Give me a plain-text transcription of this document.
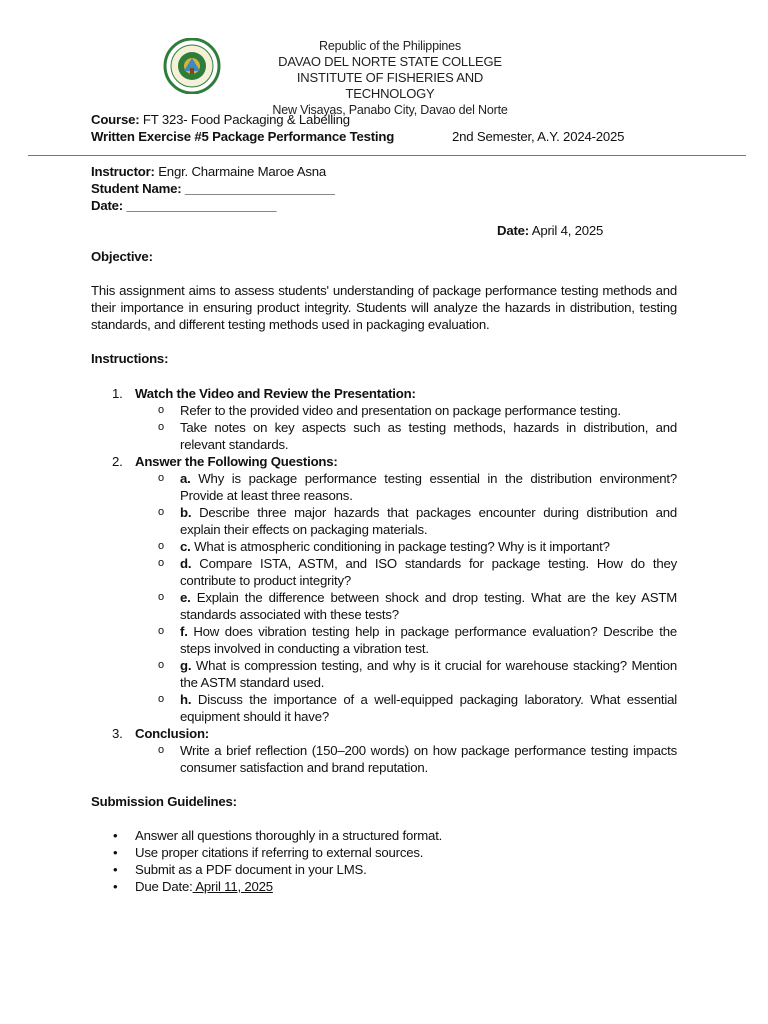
Republic of the Philippines
DAVAO DEL NORTE STATE COLLEGE
INSTITUTE OF FISHERIES AND TECHNOLOGY
New Visayas, Panabo City, Davao del Norte
Course: FT 323- Food Packaging & Labelling
Written Exercise #5 Package Performance Testing
Date: April 4, 2025
2nd Semester, A.Y. 2024-2025
Instructor: Engr. Charmaine Maroe Asna
Student Name: _____________________
Date: _____________________
Objective:
This assignment aims to assess students' understanding of package performance testing methods and their importance in ensuring product integrity. Students will analyze the hazards in distribution, testing standards, and different testing methods used in packaging evaluation.
Instructions:
1. Watch the Video and Review the Presentation:
o Refer to the provided video and presentation on package performance testing.
o Take notes on key aspects such as testing methods, hazards in distribution, and relevant standards.
2. Answer the Following Questions:
o a. Why is package performance testing essential in the distribution environment? Provide at least three reasons.
o b. Describe three major hazards that packages encounter during distribution and explain their effects on packaging materials.
o c. What is atmospheric conditioning in package testing? Why is it important?
o d. Compare ISTA, ASTM, and ISO standards for package testing. How do they contribute to product integrity?
o e. Explain the difference between shock and drop testing. What are the key ASTM standards associated with these tests?
o f. How does vibration testing help in package performance evaluation? Describe the steps involved in conducting a vibration test.
o g. What is compression testing, and why is it crucial for warehouse stacking? Mention the ASTM standard used.
o h. Discuss the importance of a well-equipped packaging laboratory. What essential equipment should it have?
3. Conclusion:
o Write a brief reflection (150–200 words) on how package performance testing impacts consumer satisfaction and brand reputation.
Submission Guidelines:
• Answer all questions thoroughly in a structured format.
• Use proper citations if referring to external sources.
• Submit as a PDF document in your LMS.
• Due Date: April 11, 2025
